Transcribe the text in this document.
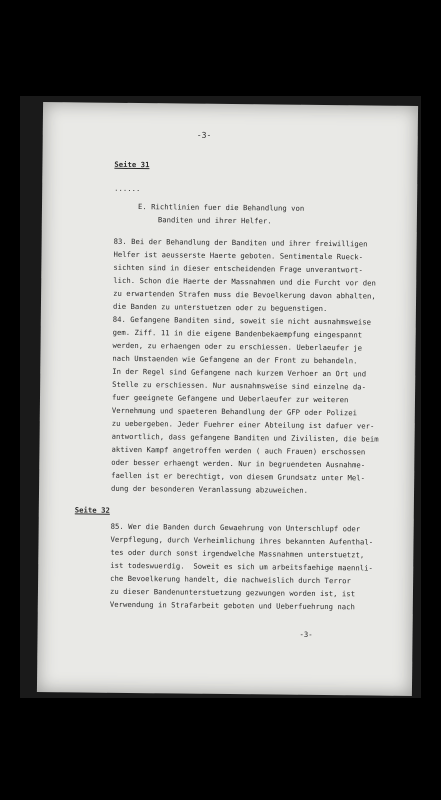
-3-
Seite 31
......
E. Richtlinien fuer die Behandlung von
Banditen und ihrer Helfer.
83. Bei der Behandlung der Banditen und ihrer freiwilligen
Helfer ist aeusserste Haerte geboten. Sentimentale Rueck-
sichten sind in dieser entscheidenden Frage unverantwort-
lich. Schon die Haerte der Massnahmen und die Furcht vor den
zu erwartenden Strafen muss die Bevoelkerung davon abhalten,
die Banden zu unterstuetzen oder zu beguenstigen.
84. Gefangene Banditen sind, soweit sie nicht ausnahmsweise
gem. Ziff. 11 in die eigene Bandenbekaempfung eingespannt
werden, zu erhaengen oder zu erschiessen. Ueberlaeufer je
nach Umstaenden wie Gefangene an der Front zu behandeln.
In der Regel sind Gefangene nach kurzem Verhoer an Ort und
Stelle zu erschiessen. Nur ausnahmsweise sind einzelne da-
fuer geeignete Gefangene und Ueberlaeufer zur weiteren
Vernehmung und spaeteren Behandlung der GFP oder Polizei
zu uebergeben. Jeder Fuehrer einer Abteilung ist dafuer ver-
antwortlich, dass gefangene Banditen und Zivilisten, die beim
aktiven Kampf angetroffen werden ( auch Frauen) erschossen
oder besser erhaengt werden. Nur in begruendeten Ausnahme-
faellen ist er berechtigt, von diesem Grundsatz unter Mel-
dung der besonderen Veranlassung abzuweichen.
Seite 32
85. Wer die Banden durch Gewaehrung von Unterschlupf oder
Verpflegung, durch Verheimlichung ihres bekannten Aufenthal-
tes oder durch sonst irgendwelche Massnahmen unterstuetzt,
ist todeswuerdig.  Soweit es sich um arbeitsfaehige maennli-
che Bevoelkerung handelt, die nachweislich durch Terror
zu dieser Bandenunterstuetzung gezwungen worden ist, ist
Verwendung in Strafarbeit geboten und Ueberfuehrung nach
-3-
